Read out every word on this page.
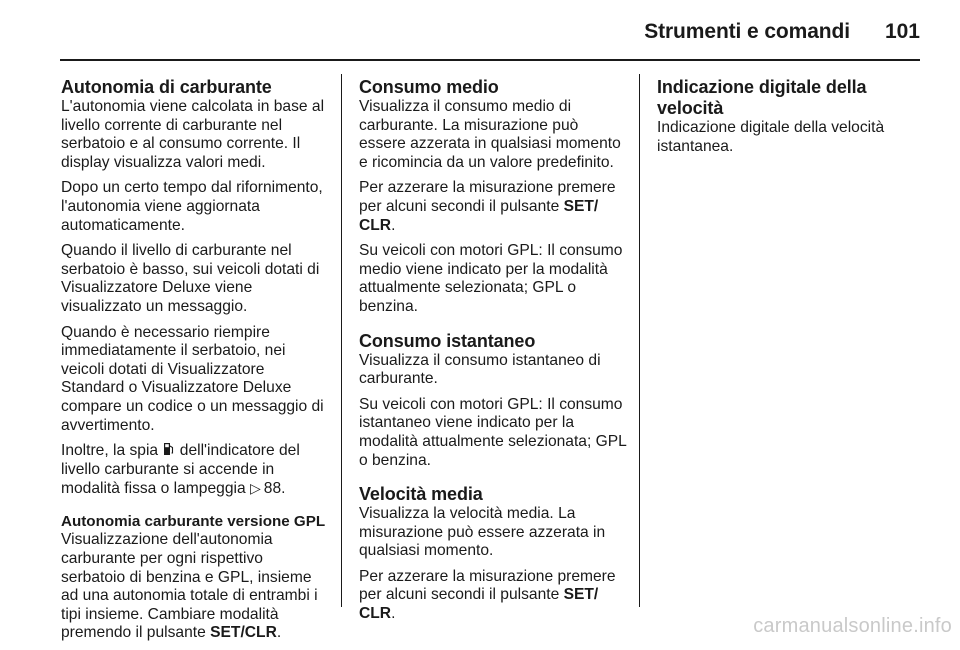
Strumenti e comandi 101
Autonomia di carburante

L'autonomia viene calcolata in base al livello corrente di carburante nel serbatoio e al consumo corrente. Il display visualizza valori medi.

Dopo un certo tempo dal rifornimento, l'autonomia viene aggiornata automaticamente.

Quando il livello di carburante nel serbatoio è basso, sui veicoli dotati di Visualizzatore Deluxe viene visualizzato un messaggio.

Quando è necessario riempire immediatamente il serbatoio, nei veicoli dotati di Visualizzatore Standard o Visualizzatore Deluxe compare un codice o un messaggio di avvertimento.

Inoltre, la spia dell'indicatore del livello carburante si accende in modalità fissa o lampeggia ▷ 88.

Autonomia carburante versione GPL

Visualizzazione dell'autonomia carburante per ogni rispettivo serbatoio di benzina e GPL, insieme ad una autonomia totale di entrambi i tipi insieme. Cambiare modalità premendo il pulsante SET/CLR.

Consumo medio

Visualizza il consumo medio di carburante. La misurazione può essere azzerata in qualsiasi momento e ricomincia da un valore predefinito.

Per azzerare la misurazione premere per alcuni secondi il pulsante SET/ CLR.

Su veicoli con motori GPL: Il consumo medio viene indicato per la modalità attualmente selezionata; GPL o benzina.

Consumo istantaneo

Visualizza il consumo istantaneo di carburante.

Su veicoli con motori GPL: Il consumo istantaneo viene indicato per la modalità attualmente selezionata; GPL o benzina.

Velocità media

Visualizza la velocità media. La misurazione può essere azzerata in qualsiasi momento.

Per azzerare la misurazione premere per alcuni secondi il pulsante SET/ CLR.

Indicazione digitale della velocità

Indicazione digitale della velocità istantanea.

carmanualsonline.info
